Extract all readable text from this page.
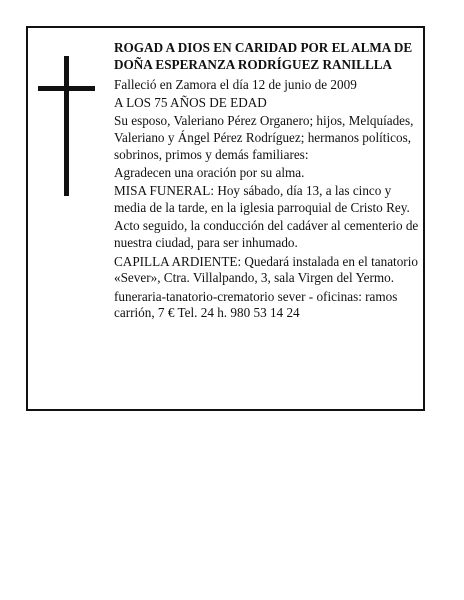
ROGAD A DIOS EN CARIDAD POR EL ALMA DE DOÑA ESPERANZA RODRÍGUEZ RANILLLA

Falleció en Zamora el día 12 de junio de 2009

A LOS 75 AÑOS DE EDAD

Su esposo, Valeriano Pérez Organero; hijos, Melquíades, Valeriano y Ángel Pérez Rodríguez; hermanos políticos, sobrinos, primos y demás familiares:

Agradecen una oración por su alma.

MISA FUNERAL: Hoy sábado, día 13, a las cinco y media de la tarde, en la iglesia parroquial de Cristo Rey.

Acto seguido, la conducción del cadáver al cementerio de nuestra ciudad, para ser inhumado.

CAPILLA ARDIENTE: Quedará instalada en el tanatorio «Sever», Ctra. Villalpando, 3, sala Virgen del Yermo.

funeraria-tanatorio-crematorio sever - oficinas: ramos carrión, 7 € Tel. 24 h. 980 53 14 24
